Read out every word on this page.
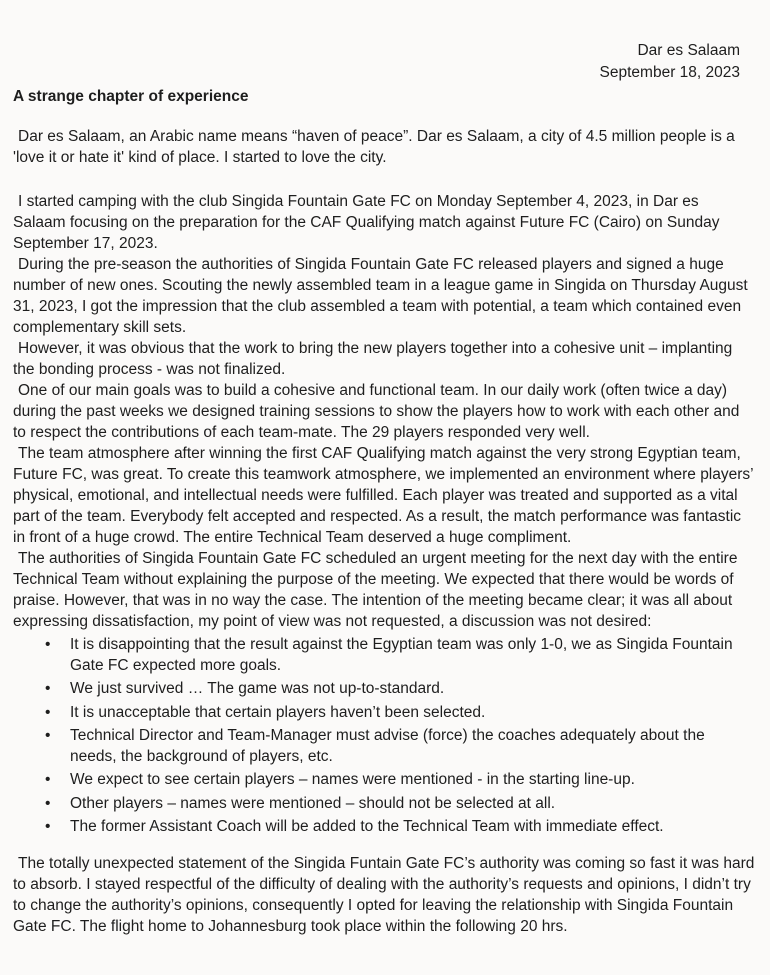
Dar es Salaam
September 18, 2023
A strange chapter of experience

Dar es Salaam, an Arabic name means “haven of peace”. Dar es Salaam, a city of 4.5 million people is a 'love it or hate it' kind of place. I started to love the city.

I started camping with the club Singida Fountain Gate FC on Monday September 4, 2023, in Dar es Salaam focusing on the preparation for the CAF Qualifying match against Future FC (Cairo) on Sunday September 17, 2023.

During the pre-season the authorities of Singida Fountain Gate FC released players and signed a huge number of new ones. Scouting the newly assembled team in a league game in Singida on Thursday August 31, 2023, I got the impression that the club assembled a team with potential, a team which contained even complementary skill sets.

However, it was obvious that the work to bring the new players together into a cohesive unit – implanting the bonding process - was not finalized.

One of our main goals was to build a cohesive and functional team. In our daily work (often twice a day) during the past weeks we designed training sessions to show the players how to work with each other and to respect the contributions of each team-mate. The 29 players responded very well.

The team atmosphere after winning the first CAF Qualifying match against the very strong Egyptian team, Future FC, was great. To create this teamwork atmosphere, we implemented an environment where players’ physical, emotional, and intellectual needs were fulfilled. Each player was treated and supported as a vital part of the team. Everybody felt accepted and respected. As a result, the match performance was fantastic in front of a huge crowd. The entire Technical Team deserved a huge compliment.

The authorities of Singida Fountain Gate FC scheduled an urgent meeting for the next day with the entire Technical Team without explaining the purpose of the meeting. We expected that there would be words of praise. However, that was in no way the case. The intention of the meeting became clear; it was all about expressing dissatisfaction, my point of view was not requested, a discussion was not desired:

• It is disappointing that the result against the Egyptian team was only 1-0, we as Singida Fountain Gate FC expected more goals.
• We just survived … The game was not up-to-standard.
• It is unacceptable that certain players haven’t been selected.
• Technical Director and Team-Manager must advise (force) the coaches adequately about the needs, the background of players, etc.
• We expect to see certain players – names were mentioned - in the starting line-up.
• Other players – names were mentioned – should not be selected at all.
• The former Assistant Coach will be added to the Technical Team with immediate effect.

The totally unexpected statement of the Singida Funtain Gate FC’s authority was coming so fast it was hard to absorb. I stayed respectful of the difficulty of dealing with the authority’s requests and opinions, I didn’t try to change the authority’s opinions, consequently I opted for leaving the relationship with Singida Fountain Gate FC. The flight home to Johannesburg took place within the following 20 hrs.
